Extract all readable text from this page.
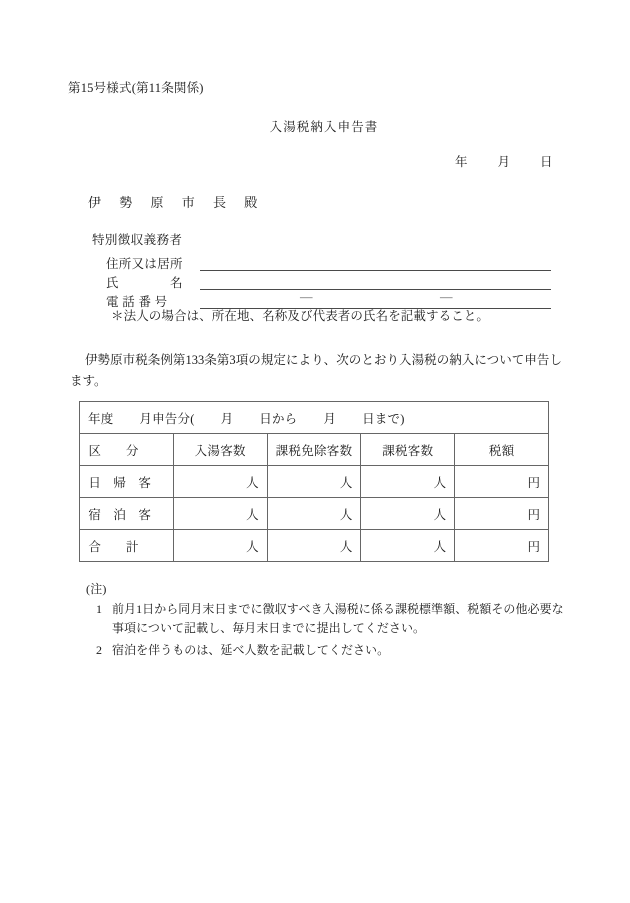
第15号様式(第11条関係)
入湯税納入申告書
年 月 日
伊 勢 原 市 長 殿
特別徴収義務者
住所又は居所
氏　　　　名
電 話 番 号	—	—
＊法人の場合は、所在地、名称及び代表者の氏名を記載すること。
伊勢原市税条例第133条第3項の規定により、次のとおり入湯税の納入について申告します。
年度 月申告分( 月 日から 月 日まで)				
区　　分	入湯客数	課税免除客数	課税客数	税額
日　帰　客	人	人	人	円
宿　泊　客	人	人	人	円
合　　計	人	人	人	円
(注)
1 前月1日から同月末日までに徴収すべき入湯税に係る課税標準額、税額その他必要な事項について記載し、毎月末日までに提出してください。
2 宿泊を伴うものは、延べ人数を記載してください。
